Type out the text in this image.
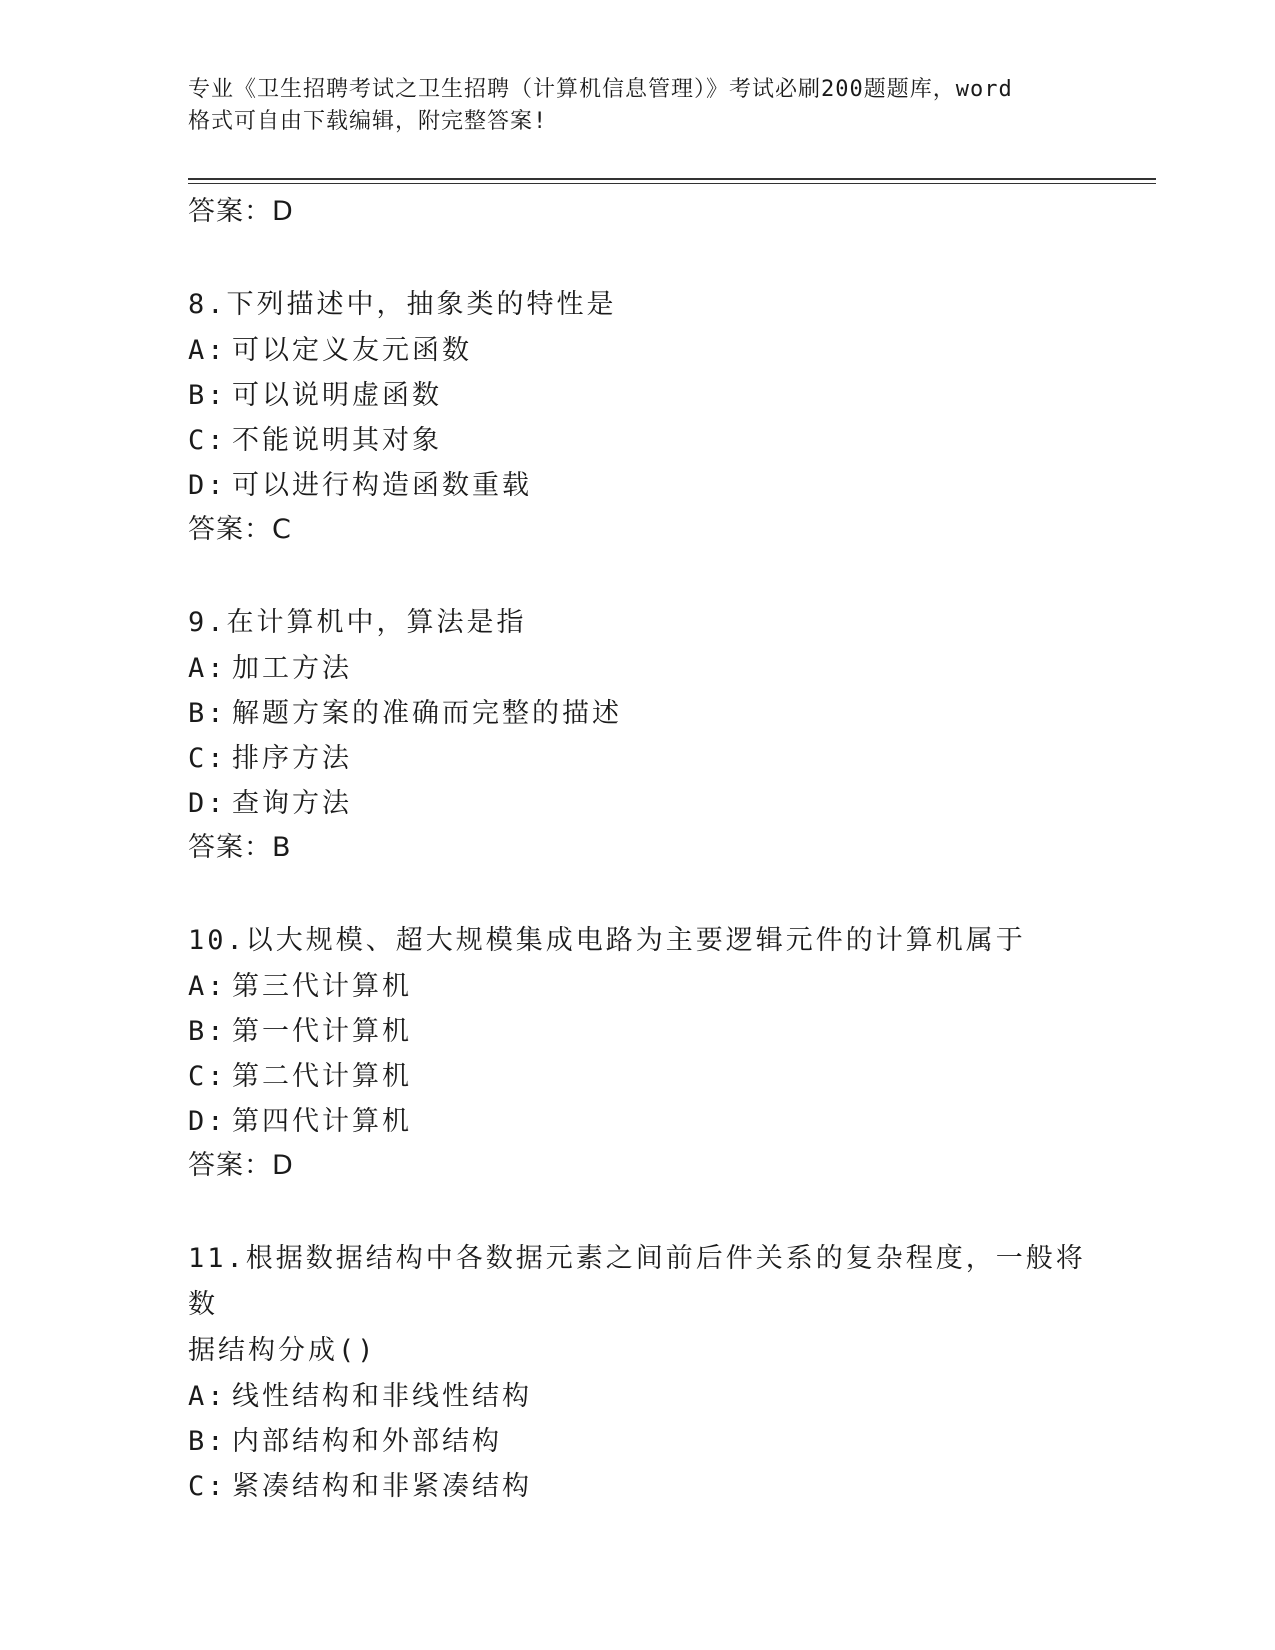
专业《卫生招聘考试之卫生招聘（计算机信息管理）》考试必刷200题题库，word
格式可自由下载编辑，附完整答案!
答案：D
8.下列描述中，抽象类的特性是
A: 可以定义友元函数
B: 可以说明虚函数
C: 不能说明其对象
D: 可以进行构造函数重载
答案：C
9.在计算机中，算法是指
A: 加工方法
B: 解题方案的准确而完整的描述
C: 排序方法
D: 查询方法
答案：B
10.以大规模、超大规模集成电路为主要逻辑元件的计算机属于
A: 第三代计算机
B: 第一代计算机
C: 第二代计算机
D: 第四代计算机
答案：D
11.根据数据结构中各数据元素之间前后件关系的复杂程度，一般将数
据结构分成()
A: 线性结构和非线性结构
B: 内部结构和外部结构
C: 紧凑结构和非紧凑结构
